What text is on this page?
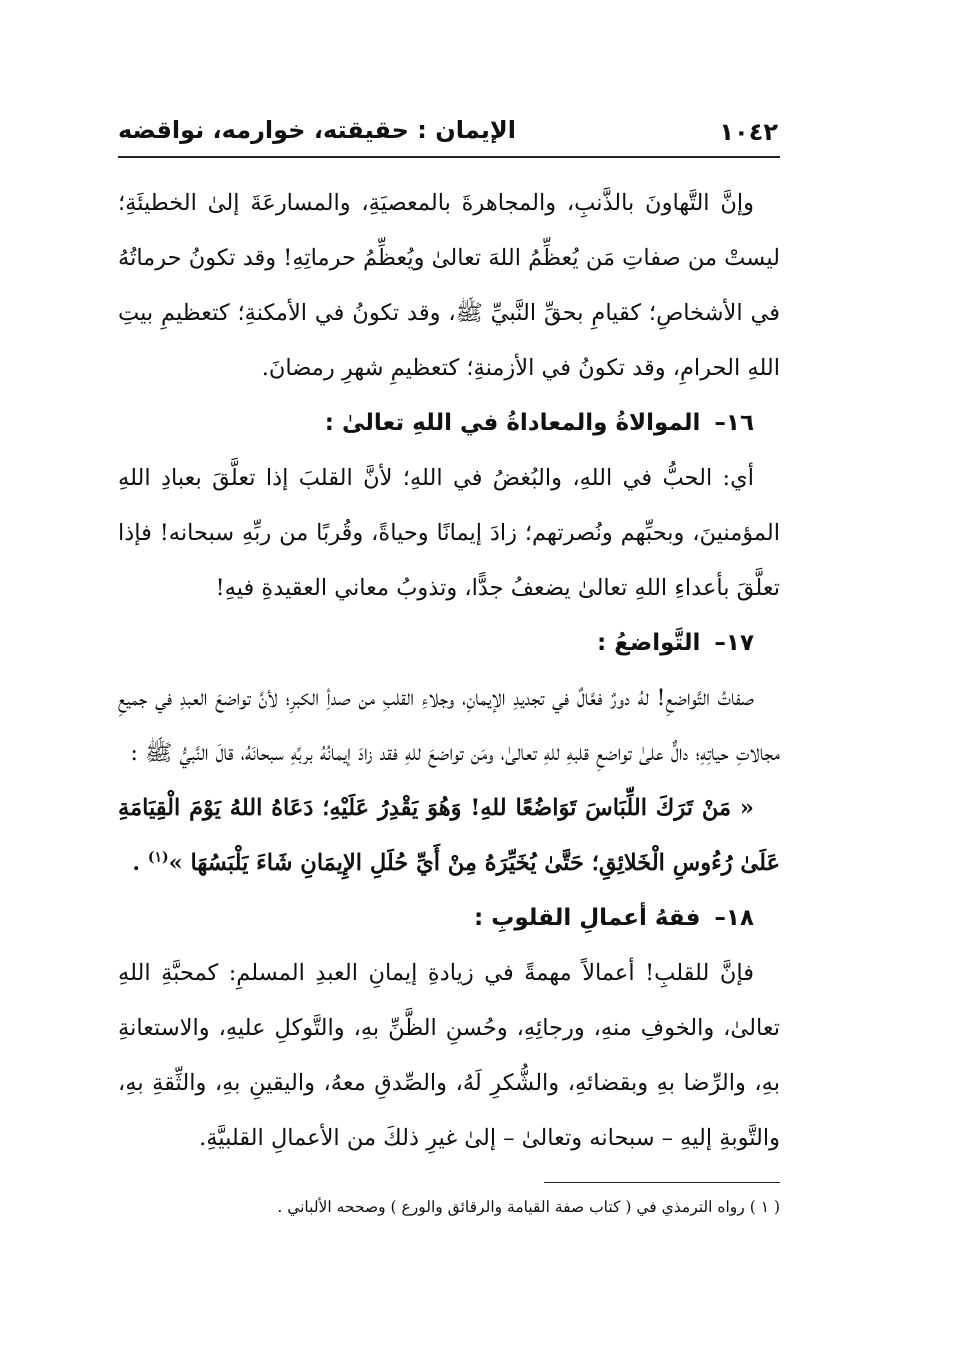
١٠٤٢
الإيمان : حقيقته، خوارمه، نواقضه

وإنَّ التَّهاونَ بالذَّنبِ، والمجاهرةَ بالمعصيَةِ، والمسارعَةَ إلىٰ الخطيئَةِ؛ ليستْ من صفاتِ مَن يُعظِّمُ اللهَ تعالىٰ ويُعظِّمُ حرماتِهِ! وقد تكونُ حرماتُهُ في الأشخاصِ؛ كقيامِ بحقِّ النَّبيِّ ﷺ، وقد تكونُ في الأمكنةِ؛ كتعظيمِ بيتِ اللهِ الحرامِ، وقد تكونُ في الأزمنةِ؛ كتعظيمِ شهرِ رمضانَ.

١٦– الموالاةُ والمعاداةُ في اللهِ تعالىٰ :

أي: الحبُّ في اللهِ، والبُغضُ في اللهِ؛ لأنَّ القلبَ إذا تعلَّقَ بعبادِ اللهِ المؤمنينَ، وبحبِّهم ونُصرتهم؛ زادَ إيمانًا وحياةً، وقُربًا من ربِّهِ سبحانه! فإذا تعلَّقَ بأعداءِ اللهِ تعالىٰ يضعفُ جدًّا، وتذوبُ معاني العقيدةِ فيهِ!

١٧– التَّواضعُ :

صفاتُ التَّواضعِ! لهُ دورٌ فعَّالٌ في تجديدِ الإيمانِ، وجلاءِ القلبِ من صدأِ الكبرِ؛ لأنَّ تواضعَ العبدِ في جميعِ مجالاتِ حياتِهِ؛ دالٌّ علىٰ تواضعِ قلبهِ للهِ تعالىٰ، ومَن تواضعَ للهِ فقد زادَ إيمانُهُ بربِّهِ سبحانَهُ، قالَ النَّبيُّ ﷺ :

« مَنْ تَرَكَ اللِّبَاسَ تَوَاضُعًا للهِ! وَهُوَ يَقْدِرُ عَلَيْهِ؛ دَعَاهُ اللهُ يَوْمَ الْقِيَامَةِ عَلَىٰ رُءُوسِ الْخَلائِقِ؛ حَتَّىٰ يُخَيِّرَهُ مِنْ أَيِّ حُلَلِ الإِيمَانِ شَاءَ يَلْبَسُهَا »$^{(١)}$ .

١٨– فقهُ أعمالِ القلوبِ :

فإنَّ للقلبِ! أعمالاً مهمةً في زيادةِ إيمانِ العبدِ المسلمِ: كمحبَّةِ اللهِ تعالىٰ، والخوفِ منهِ، ورجائِهِ، وحُسنِ الظَّنِّ بهِ، والتَّوكلِ عليهِ، والاستعانةِ بهِ، والرِّضا بهِ وبقضائهِ، والشُّكرِ لَهُ، والصِّدقِ معهُ، واليقينِ بهِ، والثِّقةِ بهِ، والتَّوبةِ إليهِ – سبحانه وتعالىٰ – إلىٰ غيرِ ذلكَ من الأعمالِ القلبيَّةِ.

( ١ ) رواه الترمذي في ( كتاب صفة القيامة والرقائق والورع ) وصححه الألباني .
